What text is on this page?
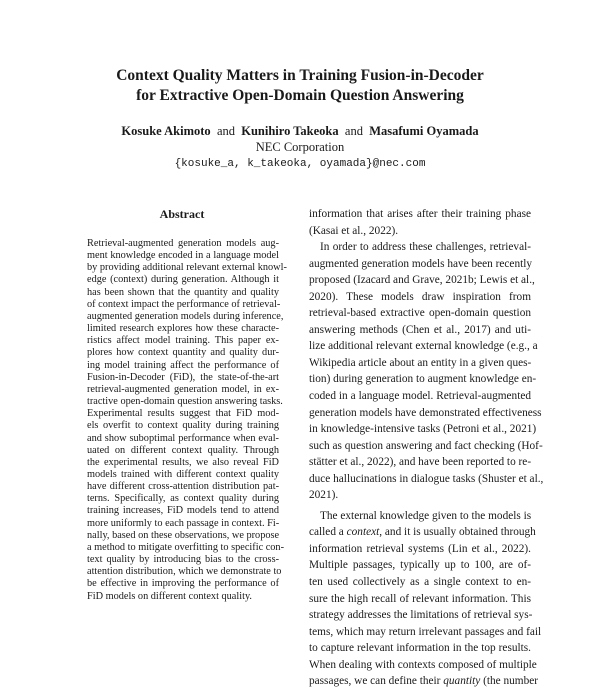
Context Quality Matters in Training Fusion-in-Decoder
for Extractive Open-Domain Question Answering
Kosuke Akimoto and Kunihiro Takeoka and Masafumi Oyamada
NEC Corporation
{kosuke_a, k_takeoka, oyamada}@nec.com
Abstract
Retrieval-augmented generation models aug-
ment knowledge encoded in a language model
by providing additional relevant external knowl-
edge (context) during generation. Although it
has been shown that the quantity and quality
of context impact the performance of retrieval-
augmented generation models during inference,
limited research explores how these characte-
ristics affect model training. This paper ex-
plores how context quantity and quality dur-
ing model training affect the performance of
Fusion-in-Decoder (FiD), the state-of-the-art
retrieval-augmented generation model, in ex-
tractive open-domain question answering tasks.
Experimental results suggest that FiD mod-
els overfit to context quality during training
and show suboptimal performance when eval-
uated on different context quality. Through
the experimental results, we also reveal FiD
models trained with different context quality
have different cross-attention distribution pat-
terns. Specifically, as context quality during
training increases, FiD models tend to attend
more uniformly to each passage in context. Fi-
nally, based on these observations, we propose
a method to mitigate overfitting to specific con-
text quality by introducing bias to the cross-
attention distribution, which we demonstrate to
be effective in improving the performance of
FiD models on different context quality.
information that arises after their training phase
(Kasai et al., 2022).
In order to address these challenges, retrieval-
augmented generation models have been recently
proposed (Izacard and Grave, 2021b; Lewis et al.,
2020). These models draw inspiration from
retrieval-based extractive open-domain question
answering methods (Chen et al., 2017) and uti-
lize additional relevant external knowledge (e.g., a
Wikipedia article about an entity in a given ques-
tion) during generation to augment knowledge en-
coded in a language model. Retrieval-augmented
generation models have demonstrated effectiveness
in knowledge-intensive tasks (Petroni et al., 2021)
such as question answering and fact checking (Hof-
stätter et al., 2022), and have been reported to re-
duce hallucinations in dialogue tasks (Shuster et al.,
2021).
The external knowledge given to the models is
called a context, and it is usually obtained through
information retrieval systems (Lin et al., 2022).
Multiple passages, typically up to 100, are of-
ten used collectively as a single context to en-
sure the high recall of relevant information. This
strategy addresses the limitations of retrieval sys-
tems, which may return irrelevant passages and fail
to capture relevant information in the top results.
When dealing with contexts composed of multiple
passages, we can define their quantity (the number
